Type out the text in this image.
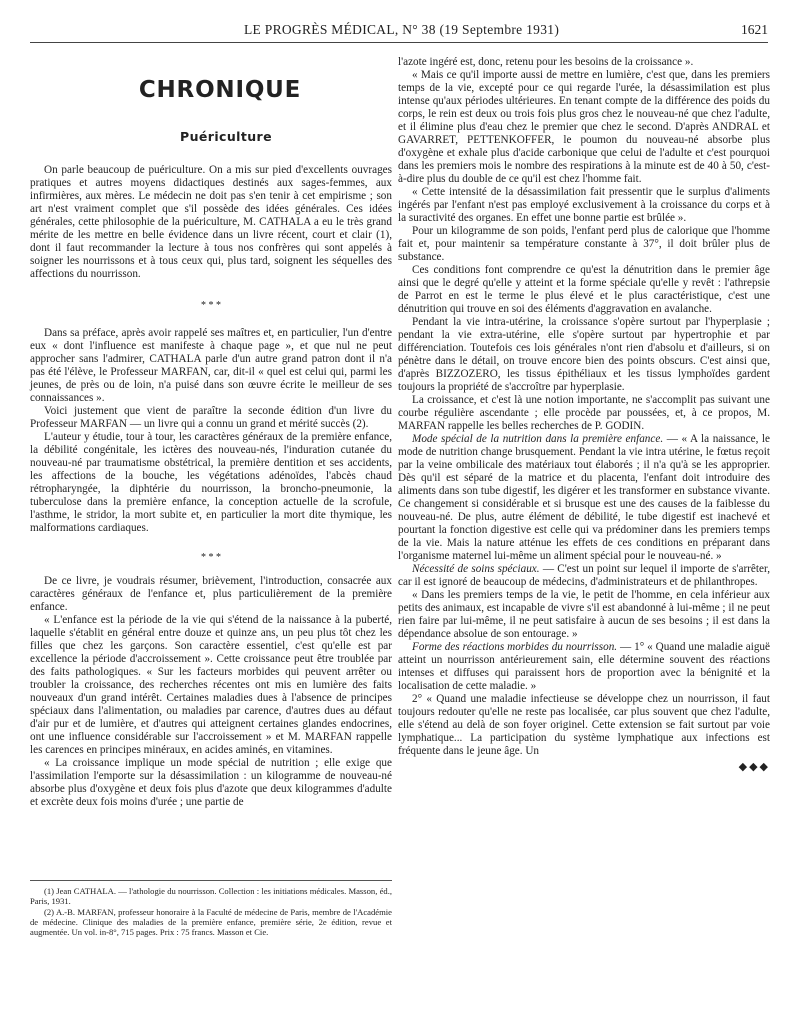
LE PROGRÈS MÉDICAL, N° 38 (19 Septembre 1931)	1621
CHRONIQUE
Puériculture

On parle beaucoup de puériculture. On a mis sur pied d'excellents ouvrages pratiques et autres moyens didactiques destinés aux sages-femmes, aux infirmières, aux mères. Le médecin ne doit pas s'en tenir à cet empirisme ; son art n'est vraiment complet que s'il possède des idées générales. Ces idées générales, cette philosophie de la puériculture, M. CATHALA a eu le très grand mérite de les mettre en belle évidence dans un livre récent, court et clair (1), dont il faut recommander la lecture à tous nos confrères qui sont appelés à soigner les nourrissons et à tous ceux qui, plus tard, soignent les séquelles des affections du nourrisson.

* * *

Dans sa préface, après avoir rappelé ses maîtres et, en particulier, l'un d'entre eux « dont l'influence est manifeste à chaque page », et que nul ne peut approcher sans l'admirer, CATHALA parle d'un autre grand patron dont il n'a pas été l'élève, le Professeur MARFAN, car, dit-il « quel est celui qui, parmi les jeunes, de près ou de loin, n'a puisé dans son œuvre écrite le meilleur de ses connaissances ».

Voici justement que vient de paraître la seconde édition d'un livre du Professeur MARFAN — un livre qui a connu un grand et mérité succès (2).

L'auteur y étudie, tour à tour, les caractères généraux de la première enfance, la débilité congénitale, les ictères des nouveau-nés, l'induration cutanée du nouveau-né par traumatisme obstétrical, la première dentition et ses accidents, les affections de la bouche, les végétations adénoïdes, l'abcès chaud rétropharyngée, la diphtérie du nourrisson, la broncho-pneumonie, la tuberculose dans la première enfance, la conception actuelle de la scrofule, l'asthme, le stridor, la mort subite et, en particulier la mort dite thymique, les malformations cardiaques.

* * *

De ce livre, je voudrais résumer, brièvement, l'introduction, consacrée aux caractères généraux de l'enfance et, plus particulièrement de la première enfance.

« L'enfance est la période de la vie qui s'étend de la naissance à la puberté, laquelle s'établit en général entre douze et quinze ans, un peu plus tôt chez les filles que chez les garçons. Son caractère essentiel, c'est qu'elle est par excellence la période d'accroissement ». Cette croissance peut être troublée par des faits pathologiques. « Sur les facteurs morbides qui peuvent arrêter ou troubler la croissance, des recherches récentes ont mis en lumière des faits nouveaux d'un grand intérêt. Certaines maladies dues à l'absence de principes spéciaux dans l'alimentation, ou maladies par carence, d'autres dues au défaut d'air pur et de lumière, et d'autres qui atteignent certaines glandes endocrines, ont une influence considérable sur l'accroissement » et M. MARFAN rappelle les carences en principes minéraux, en acides aminés, en vitamines.

« La croissance implique un mode spécial de nutrition ; elle exige que l'assimilation l'emporte sur la désassimilation : un kilogramme de nouveau-né absorbe plus d'oxygène et deux fois plus d'azote que deux kilogrammes d'adulte et excrète deux fois moins d'urée ; une partie de

(1) Jean CATHALA. — l'athologie du nourrisson. Collection : les initiations médicales. Masson, éd., Paris, 1931.

(2) A.-B. MARFAN, professeur honoraire à la Faculté de médecine de Paris, membre de l'Académie de médecine. Clinique des maladies de la première enfance, première série, 2e édition, revue et augmentée. Un vol. in-8°, 715 pages. Prix : 75 francs. Masson et Cie.

l'azote ingéré est, donc, retenu pour les besoins de la croissance ».

« Mais ce qu'il importe aussi de mettre en lumière, c'est que, dans les premiers temps de la vie, excepté pour ce qui regarde l'urée, la désassimilation est plus intense qu'aux périodes ultérieures. En tenant compte de la différence des poids du corps, le rein est deux ou trois fois plus gros chez le nouveau-né que chez l'adulte, et il élimine plus d'eau chez le premier que chez le second. D'après ANDRAL et GAVARRET, PETTENKOFFER, le poumon du nouveau-né absorbe plus d'oxygène et exhale plus d'acide carbonique que celui de l'adulte et c'est pourquoi dans les premiers mois le nombre des respirations à la minute est de 40 à 50, c'est-à-dire plus du double de ce qu'il est chez l'homme fait.

« Cette intensité de la désassimilation fait pressentir que le surplus d'aliments ingérés par l'enfant n'est pas employé exclusivement à la croissance du corps et à la suractivité des organes. En effet une bonne partie est brûlée ».

Pour un kilogramme de son poids, l'enfant perd plus de calorique que l'homme fait et, pour maintenir sa température constante à 37°, il doit brûler plus de substance.

Ces conditions font comprendre ce qu'est la dénutrition dans le premier âge ainsi que le degré qu'elle y atteint et la forme spéciale qu'elle y revêt : l'athrepsie de Parrot en est le terme le plus élevé et le plus caractéristique, c'est une dénutrition qui trouve en soi des éléments d'aggravation en avalanche.

Pendant la vie intra-utérine, la croissance s'opère surtout par l'hyperplasie ; pendant la vie extra-utérine, elle s'opère surtout par hypertrophie et par différenciation. Toutefois ces lois générales n'ont rien d'absolu et d'ailleurs, si on pénètre dans le détail, on trouve encore bien des points obscurs. C'est ainsi que, d'après BIZZOZERO, les tissus épithéliaux et les tissus lymphoïdes gardent toujours la propriété de s'accroître par hyperplasie.

La croissance, et c'est là une notion importante, ne s'accomplit pas suivant une courbe régulière ascendante ; elle procède par poussées, et, à ce propos, M. MARFAN rappelle les belles recherches de P. GODIN.

Mode spécial de la nutrition dans la première enfance. — « A la naissance, le mode de nutrition change brusquement. Pendant la vie intra utérine, le fœtus reçoit par la veine ombilicale des matériaux tout élaborés ; il n'a qu'à se les approprier. Dès qu'il est séparé de la matrice et du placenta, l'enfant doit introduire des aliments dans son tube digestif, les digérer et les transformer en substance vivante. Ce changement si considérable et si brusque est une des causes de la faiblesse du nouveau-né. De plus, autre élément de débilité, le tube digestif est inachevé et pourtant la fonction digestive est celle qui va prédominer dans les premiers temps de la vie. Mais la nature atténue les effets de ces conditions en préparant dans l'organisme maternel lui-même un aliment spécial pour le nouveau-né. »

Nécessité de soins spéciaux. — C'est un point sur lequel il importe de s'arrêter, car il est ignoré de beaucoup de médecins, d'administrateurs et de philanthropes.

« Dans les premiers temps de la vie, le petit de l'homme, en cela inférieur aux petits des animaux, est incapable de vivre s'il est abandonné à lui-même ; il ne peut rien faire par lui-même, il ne peut satisfaire à aucun de ses besoins ; il est dans la dépendance absolue de son entourage. »

Forme des réactions morbides du nourrisson. — 1° « Quand une maladie aiguë atteint un nourrisson antérieurement sain, elle détermine souvent des réactions intenses et diffuses qui paraissent hors de proportion avec la bénignité et la localisation de cette maladie. »

2° « Quand une maladie infectieuse se développe chez un nourrisson, il faut toujours redouter qu'elle ne reste pas localisée, car plus souvent que chez l'adulte, elle s'étend au delà de son foyer originel. Cette extension se fait surtout par voie lymphatique... La participation du système lymphatique aux infections est fréquente dans le jeune âge. Un

◆◆◆
